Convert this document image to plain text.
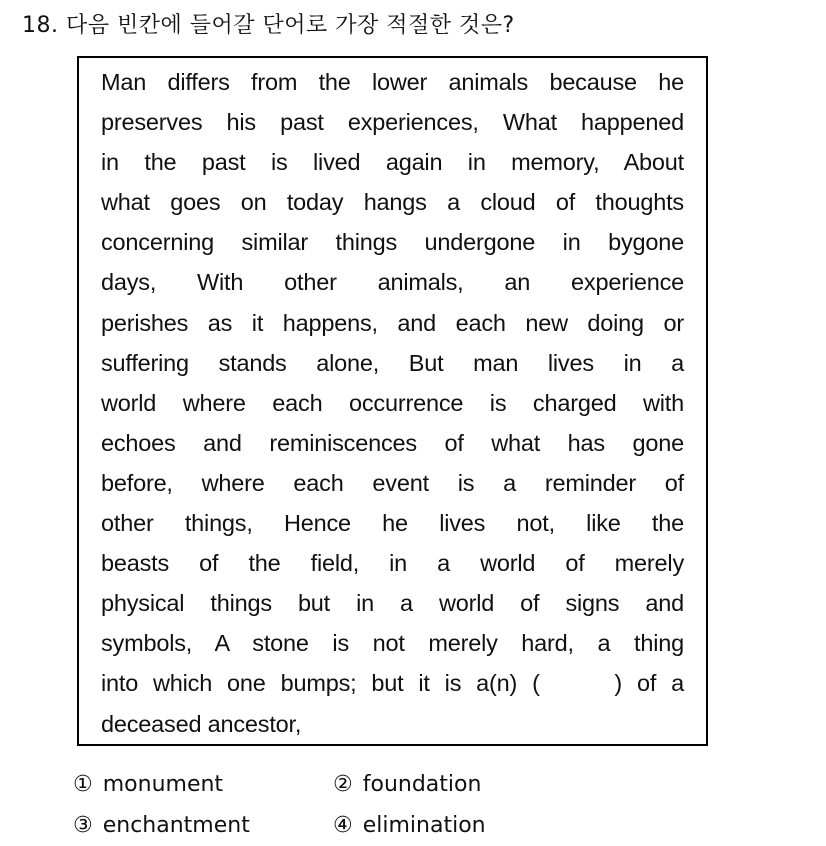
18. 다음 빈칸에 들어갈 단어로 가장 적절한 것은?
Man differs from the lower animals because he
preserves his past experiences, What happened
in the past is lived again in memory, About
what goes on today hangs a cloud of thoughts
concerning similar things undergone in bygone
days, With other animals, an experience
perishes as it happens, and each new doing or
suffering stands alone, But man lives in a
world where each occurrence is charged with
echoes and reminiscences of what has gone
before, where each event is a reminder of
other things, Hence he lives not, like the
beasts of the field, in a world of merely
physical things but in a world of signs and
symbols, A stone is not merely hard, a thing
into which one bumps; but it is a(n) (     ) of a
deceased ancestor,
① monument	② foundation
③ enchantment	④ elimination
